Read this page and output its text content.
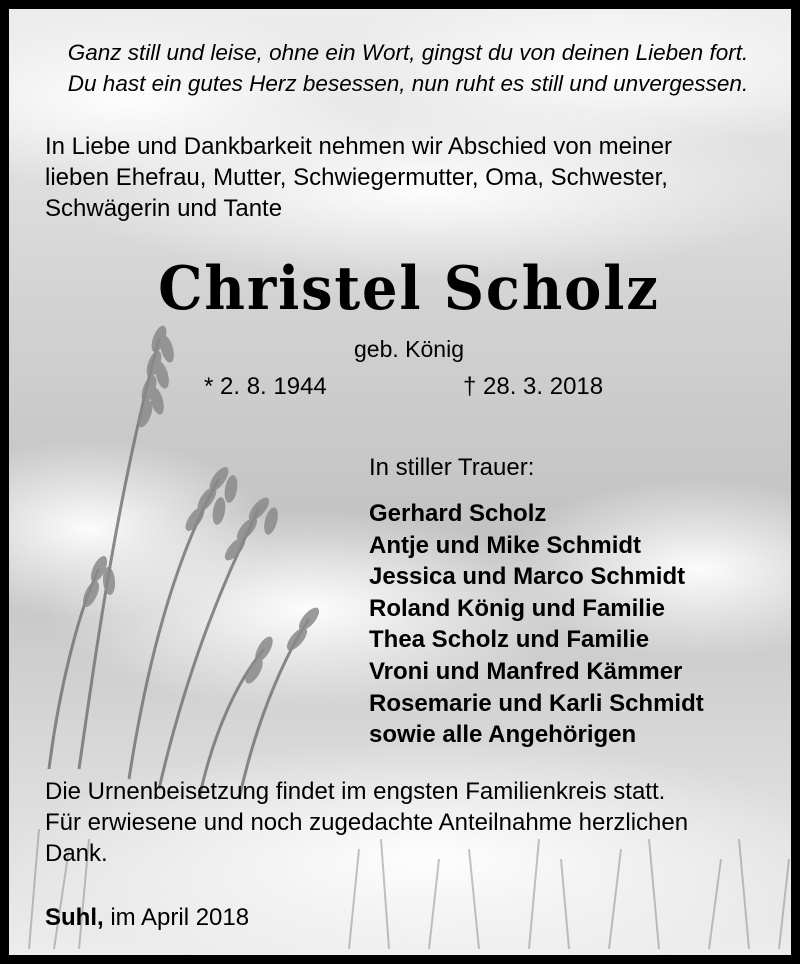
Ganz still und leise, ohne ein Wort, gingst du von deinen Lieben fort.
Du hast ein gutes Herz besessen, nun ruht es still und unvergessen.
In Liebe und Dankbarkeit nehmen wir Abschied von meiner
lieben Ehefrau, Mutter, Schwiegermutter, Oma, Schwester,
Schwägerin und Tante
Christel Scholz
geb. König
* 2. 8. 1944	† 28. 3. 2018
In stiller Trauer:
Gerhard Scholz
Antje und Mike Schmidt
Jessica und Marco Schmidt
Roland König und Familie
Thea Scholz und Familie
Vroni und Manfred Kämmer
Rosemarie und Karli Schmidt
sowie alle Angehörigen
Die Urnenbeisetzung findet im engsten Familienkreis statt.
Für erwiesene und noch zugedachte Anteilnahme herzlichen
Dank.
Suhl, im April 2018
